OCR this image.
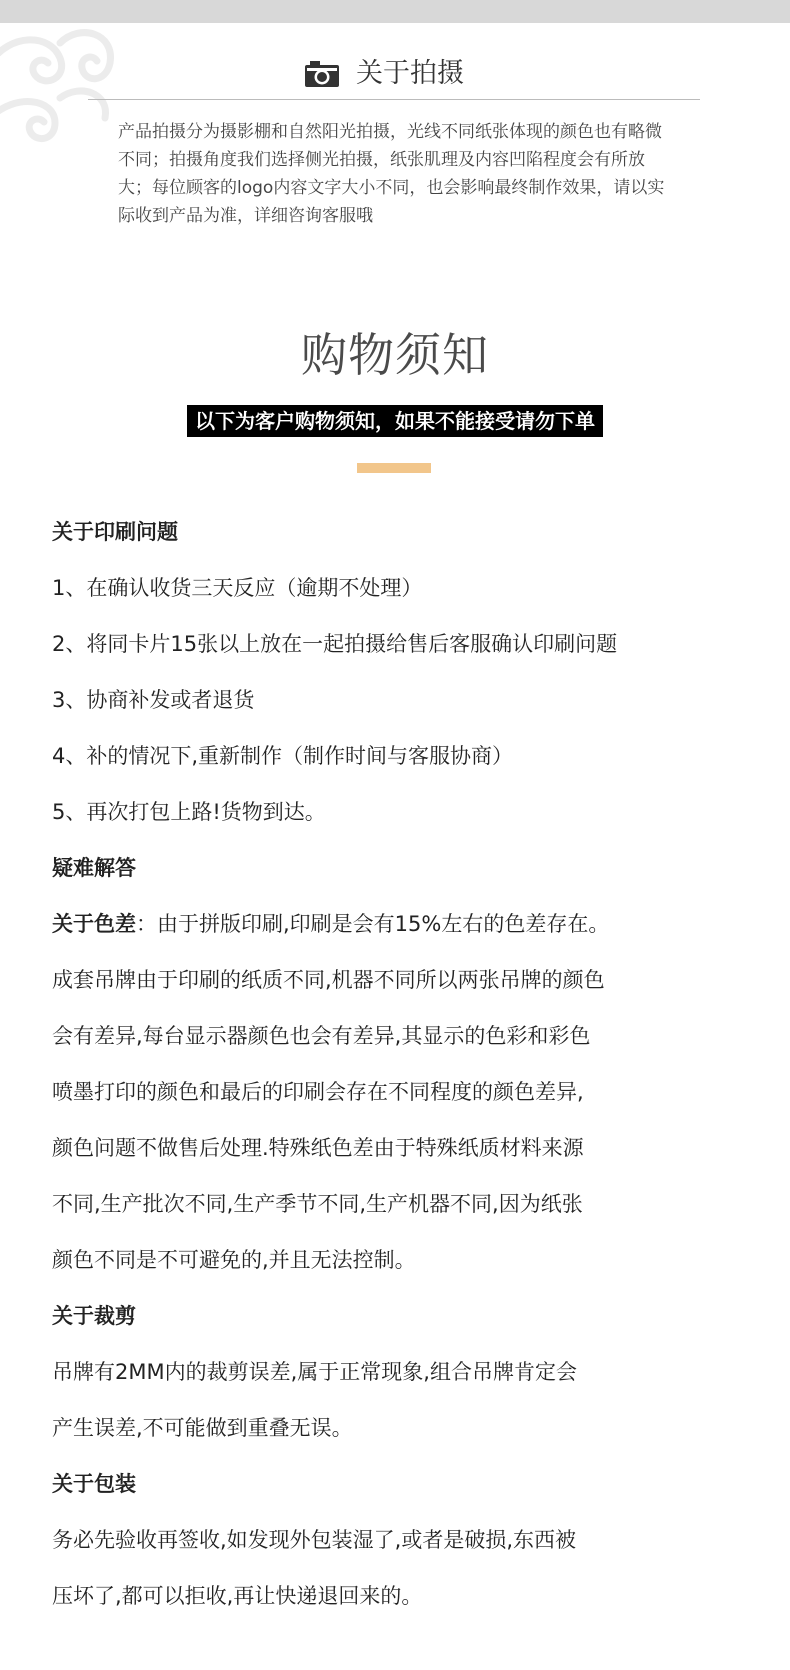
关于拍摄

产品拍摄分为摄影棚和自然阳光拍摄，光线不同纸张体现的颜色也有略微不同；拍摄角度我们选择侧光拍摄，纸张肌理及内容凹陷程度会有所放大；每位顾客的logo内容文字大小不同，也会影响最终制作效果，请以实际收到产品为准，详细咨询客服哦

购物须知
以下为客户购物须知，如果不能接受请勿下单
关于印刷问题
1、在确认收货三天反应（逾期不处理）
2、将同卡片15张以上放在一起拍摄给售后客服确认印刷问题
3、协商补发或者退货
4、补的情况下,重新制作（制作时间与客服协商）
5、再次打包上路!货物到达。
疑难解答
关于色差：由于拼版印刷,印刷是会有15%左右的色差存在。
成套吊牌由于印刷的纸质不同,机器不同所以两张吊牌的颜色
会有差异,每台显示器颜色也会有差异,其显示的色彩和彩色
喷墨打印的颜色和最后的印刷会存在不同程度的颜色差异,
颜色问题不做售后处理.特殊纸色差由于特殊纸质材料来源
不同,生产批次不同,生产季节不同,生产机器不同,因为纸张
颜色不同是不可避免的,并且无法控制。
关于裁剪
吊牌有2MM内的裁剪误差,属于正常现象,组合吊牌肯定会
产生误差,不可能做到重叠无误。
关于包装
务必先验收再签收,如发现外包装湿了,或者是破损,东西被
压坏了,都可以拒收,再让快递退回来的。
